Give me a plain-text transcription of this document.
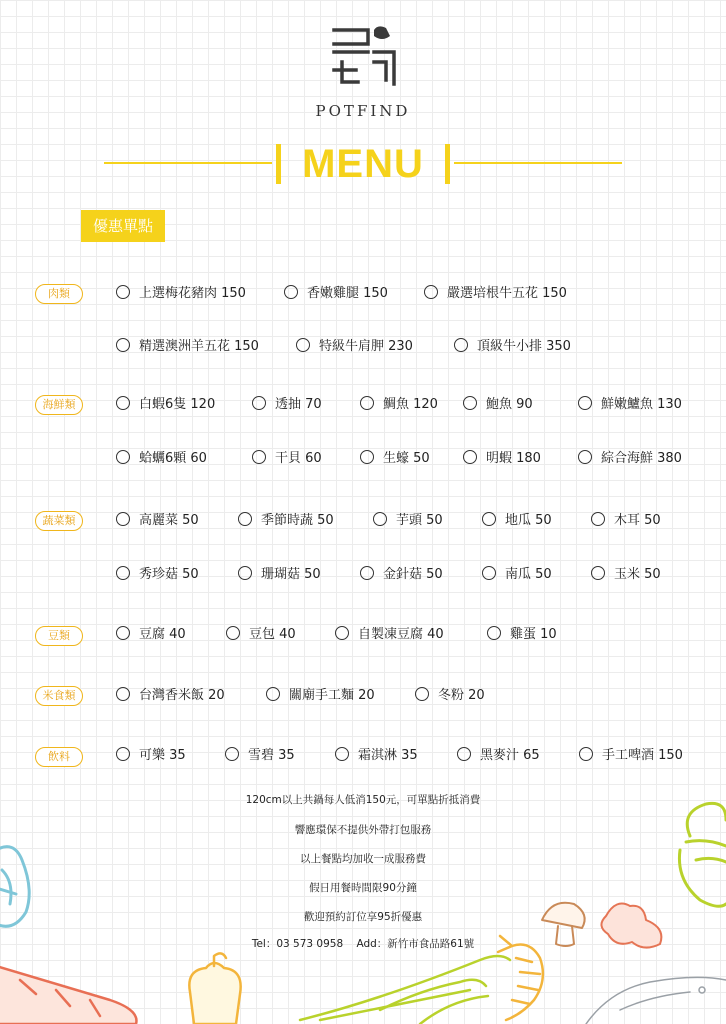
POTFIND
MENU
優惠單點
肉類	上選梅花豬肉 150	香嫩雞腿 150	嚴選培根牛五花 150
精選澳洲羊五花 150	特級牛肩胛 230	頂級牛小排 350
海鮮類	白蝦6隻 120	透抽 70	鯛魚 120	鮑魚 90	鮮嫩鱸魚 130
蛤蠣6顆 60	干貝 60	生蠔 50	明蝦 180	綜合海鮮 380
蔬菜類	高麗菜 50	季節時蔬 50	芋頭 50	地瓜 50	木耳 50
秀珍菇 50	珊瑚菇 50	金針菇 50	南瓜 50	玉米 50
豆類	豆腐 40	豆包 40	自製凍豆腐 40	雞蛋 10
米食類	台灣香米飯 20	關廟手工麵 20	冬粉 20
飲料	可樂 35	雪碧 35	霜淇淋 35	黑麥汁 65	手工啤酒 150
120cm以上共鍋每人低消150元，可單點折抵消費
響應環保不提供外帶打包服務
以上餐點均加收一成服務費
假日用餐時間限90分鐘
歡迎預約訂位享95折優惠
Tel：03 573 0958    Add：新竹市食品路61號
